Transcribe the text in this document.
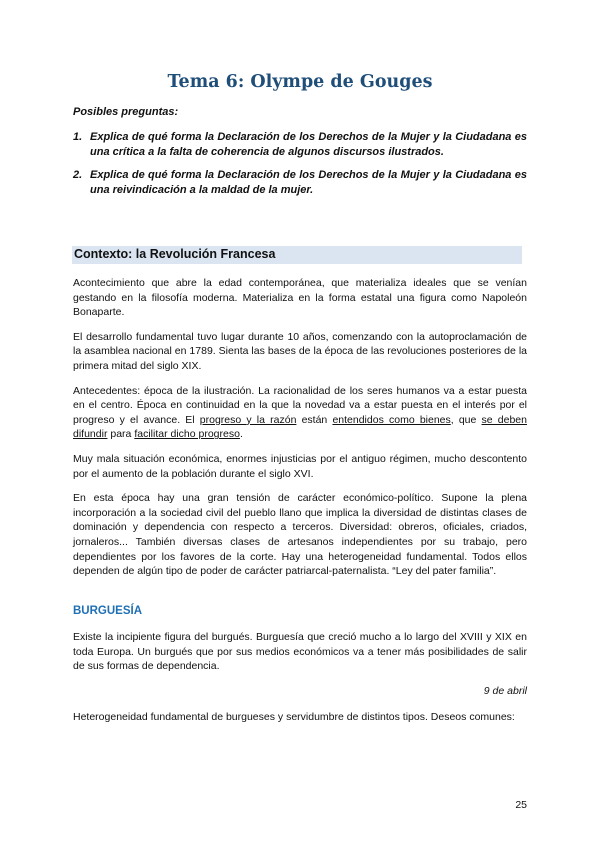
Tema 6: Olympe de Gouges
Posibles preguntas:
1. Explica de qué forma la Declaración de los Derechos de la Mujer y la Ciudadana es una crítica a la falta de coherencia de algunos discursos ilustrados.
2. Explica de qué forma la Declaración de los Derechos de la Mujer y la Ciudadana es una reivindicación a la maldad de la mujer.
Contexto: la Revolución Francesa

Acontecimiento que abre la edad contemporánea, que materializa ideales que se venían gestando en la filosofía moderna. Materializa en la forma estatal una figura como Napoleón Bonaparte.

El desarrollo fundamental tuvo lugar durante 10 años, comenzando con la autoproclamación de la asamblea nacional en 1789. Sienta las bases de la época de las revoluciones posteriores de la primera mitad del siglo XIX.

Antecedentes: época de la ilustración. La racionalidad de los seres humanos va a estar puesta en el centro. Época en continuidad en la que la novedad va a estar puesta en el interés por el progreso y el avance. El progreso y la razón están entendidos como bienes, que se deben difundir para facilitar dicho progreso.

Muy mala situación económica, enormes injusticias por el antiguo régimen, mucho descontento por el aumento de la población durante el siglo XVI.

En esta época hay una gran tensión de carácter económico-político. Supone la plena incorporación a la sociedad civil del pueblo llano que implica la diversidad de distintas clases de dominación y dependencia con respecto a terceros. Diversidad: obreros, oficiales, criados, jornaleros... También diversas clases de artesanos independientes por su trabajo, pero dependientes por los favores de la corte. Hay una heterogeneidad fundamental. Todos ellos dependen de algún tipo de poder de carácter patriarcal-paternalista. “Ley del pater familia”.

BURGUESÍA

Existe la incipiente figura del burgués. Burguesía que creció mucho a lo largo del XVIII y XIX en toda Europa. Un burgués que por sus medios económicos va a tener más posibilidades de salir de sus formas de dependencia.

9 de abril

Heterogeneidad fundamental de burgueses y servidumbre de distintos tipos. Deseos comunes:

25
